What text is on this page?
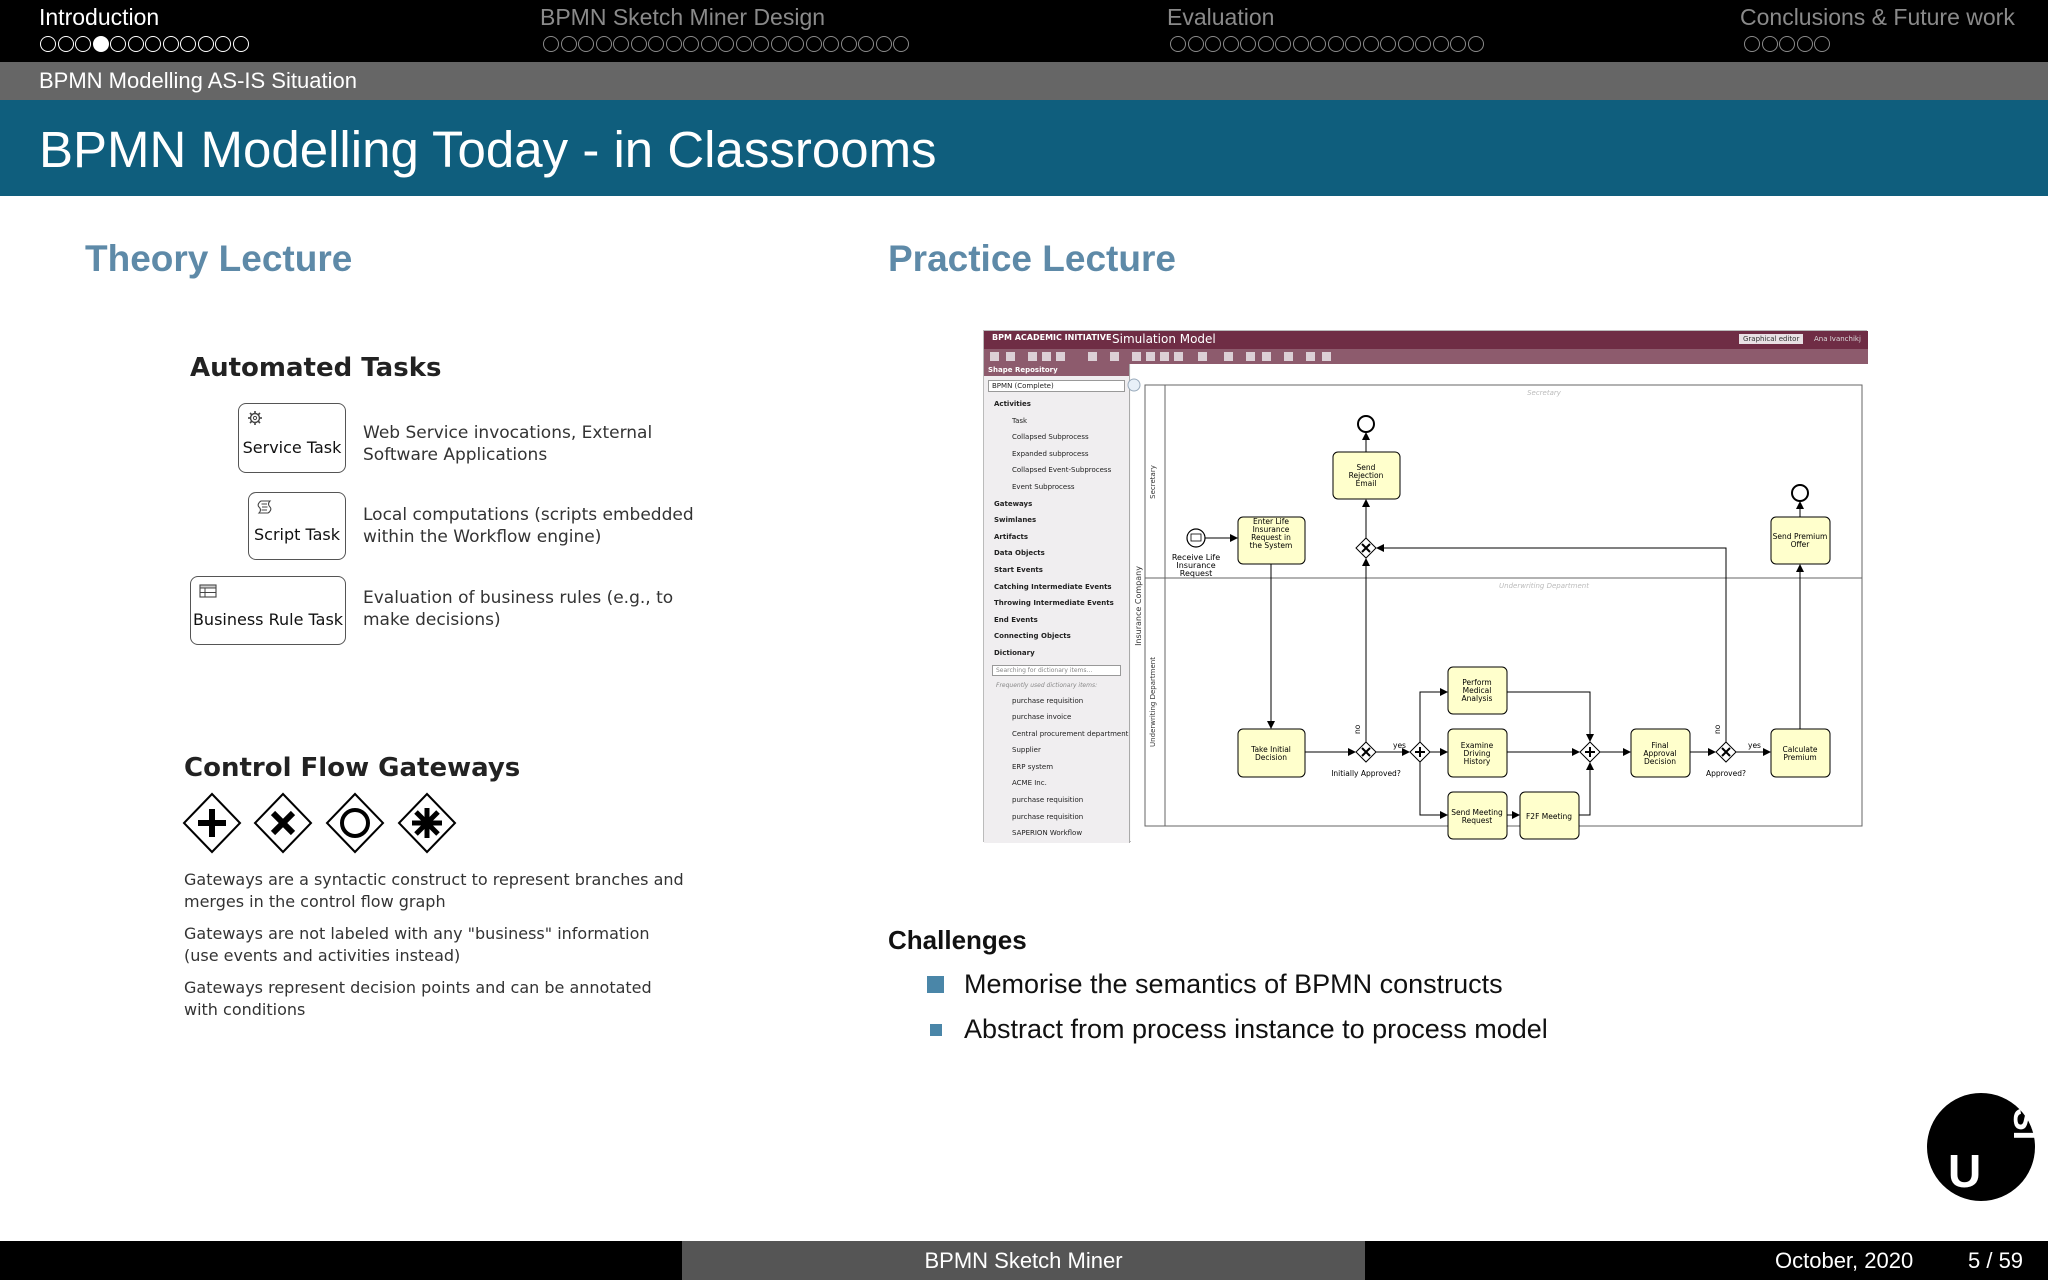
Introduction	BPMN Sketch Miner Design	Evaluation	Conclusions & Future work
BPMN Modelling AS-IS Situation
BPMN Modelling Today - in Classrooms
Theory Lecture
Automated Tasks
Service Task
Web Service invocations, External Software Applications
Script Task
Local computations (scripts embedded within the Workflow engine)
Business Rule Task
Evaluation of business rules (e.g., to make decisions)
Control Flow Gateways
Gateways are a syntactic construct to represent branches and merges in the control flow graph
Gateways are not labeled with any "business" information (use events and activities instead)
Gateways represent decision points and can be annotated with conditions
Practice Lecture
BPM ACADEMIC INITIATIVE Simulation Model	Graphical editor	Ana Ivanchikj
Shape Repository
BPMN (Complete)
Activities
Task
Collapsed Subprocess
Expanded subprocess
Collapsed Event-Subprocess
Event Subprocess
Gateways
Swimlanes
Artifacts
Data Objects
Start Events
Catching Intermediate Events
Throwing Intermediate Events
End Events
Connecting Objects
Dictionary
Searching for dictionary items...
Frequently used dictionary items:
purchase requisition
purchase invoice
Central procurement department
Supplier
ERP system
ACME Inc.
purchase requisition
purchase requisition
SAPERION Workflow
Insurance Company
Secretary
Underwriting Department
Secretary
Underwriting Department
Receive Life Insurance Request
Enter Life Insurance Request in the System
Send Rejection Email
Send Premium Offer
Take Initial Decision
Perform Medical Analysis
Examine Driving History
Send Meeting Request	F2F Meeting
Final Approval Decision
Calculate Premium
Initially Approved?	Approved?
yes	yes
no	no
Challenges
Memorise the semantics of BPMN constructs
Abstract from process instance to process model
U
SI
BPMN Sketch Miner	October, 2020 5 / 59
